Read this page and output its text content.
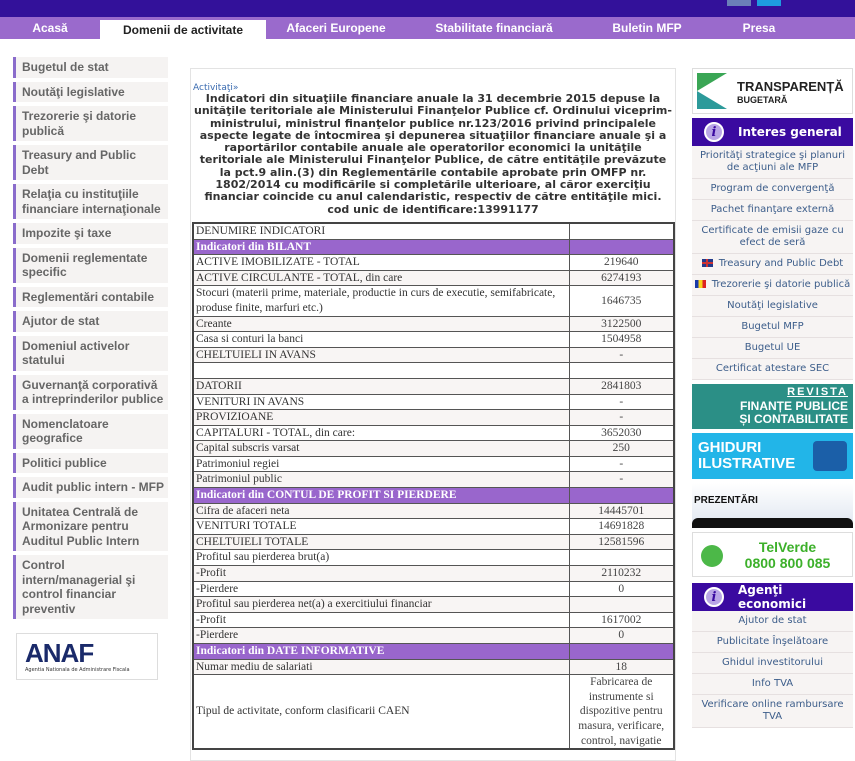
Acasă	Domenii de activitate	Afaceri Europene	Stabilitate financiară	Buletin MFP	Presa
Bugetul de stat
Noutăţi legislative
Trezorerie şi datorie publică
Treasury and Public Debt
Relaţia cu instituţiile financiare internaţionale
Impozite şi taxe
Domenii reglementate specific
Reglementări contabile
Ajutor de stat
Domeniul activelor statului
Guvernanţă corporativă a intreprinderilor publice
Nomenclatoare geografice
Politici publice
Audit public intern - MFP
Unitatea Centrală de Armonizare pentru Auditul Public Intern
Control intern/managerial şi control financiar preventiv
ANAF
Agentia Nationala de Administrare Fiscala
Activitaţi»
Indicatori din situaţiile financiare anuale la 31 decembrie 2015 depuse la unităţile teritoriale ale Ministerului Finanţelor Publice cf. Ordinului viceprim-ministrului, ministrul finanţelor publice nr.123/2016 privind principalele aspecte legate de întocmirea şi depunerea situaţiilor financiare anuale şi a raportărilor contabile anuale ale operatorilor economici la unităţile teritoriale ale Ministerului Finanţelor Publice, de către entităţile prevăzute la pct.9 alin.(3) din Reglementările contabile aprobate prin OMFP nr. 1802/2014 cu modificările si completările ulterioare, al căror exerciţiu financiar coincide cu anul calendaristic, respectiv de către entităţile mici.
cod unic de identificare:13991177
DENUMIRE INDICATORI	
Indicatori din BILANT	
ACTIVE IMOBILIZATE - TOTAL	219640
ACTIVE CIRCULANTE - TOTAL, din care	6274193
Stocuri (materii prime, materiale, productie in curs de executie, semifabricate, produse finite, marfuri etc.)	1646735
Creante	3122500
Casa si conturi la banci	1504958
CHELTUIELI IN AVANS	-

DATORII	2841803
VENITURI IN AVANS	-
PROVIZIOANE	-
CAPITALURI - TOTAL, din care:	3652030
Capital subscris varsat	250
Patrimoniul regiei	-
Patrimoniul public	-
Indicatori din CONTUL DE PROFIT SI PIERDERE	
Cifra de afaceri neta	14445701
VENITURI TOTALE	14691828
CHELTUIELI TOTALE	12581596
Profitul sau pierderea brut(a)	
-Profit	2110232
-Pierdere	0
Profitul sau pierderea net(a) a exercitiului financiar	
-Profit	1617002
-Pierdere	0
Indicatori din DATE INFORMATIVE	
Numar mediu de salariati	18
Tipul de activitate, conform clasificarii CAEN	Fabricarea de instrumente si dispozitive pentru masura, verificare, control, navigatie
TRANSPARENȚĂ
BUGETARĂ
i	Interes general
Priorităţi strategice şi planuri de acţiuni ale MFP
Program de convergenţă
Pachet finanţare externă
Certificate de emisii gaze cu efect de seră
Treasury and Public Debt
Trezorerie şi datorie publică
Noutăţi legislative
Bugetul MFP
Bugetul UE
Certificat atestare SEC
REVISTA
FINANȚE PUBLICE
ȘI CONTABILITATE
GHIDURI
ILUSTRATIVE
PREZENTĂRI
TelVerde
0800 800 085
i	Agenţi economici
Ajutor de stat
Publicitate Înşelătoare
Ghidul investitorului
Info TVA
Verificare online rambursare TVA
